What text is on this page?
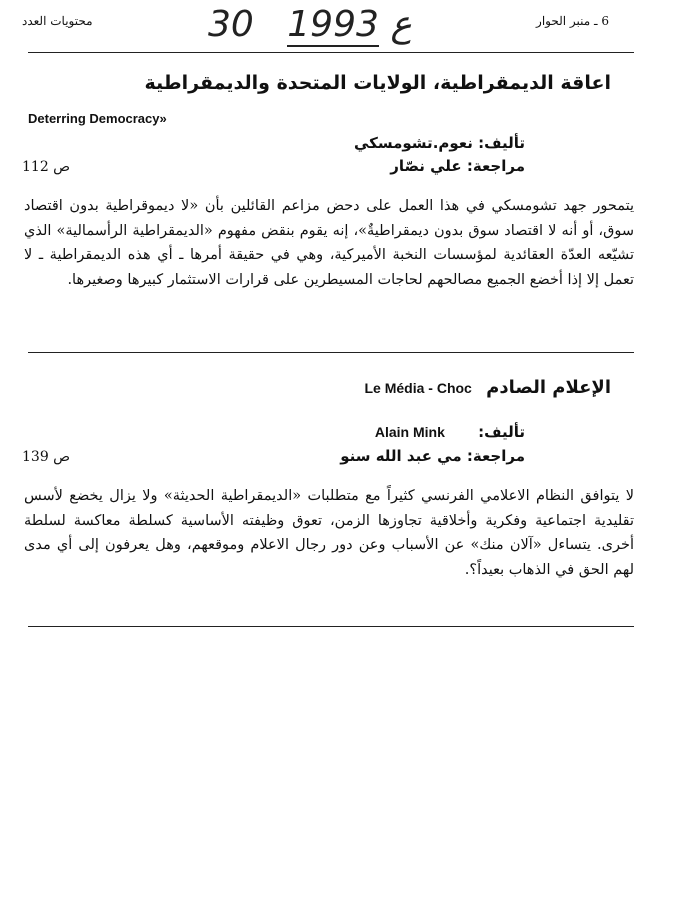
6 ـ منبر الحوار
محتويات العدد	30	ع 1993
اعاقة الديمقراطية، الولايات المتحدة والديمقراطية
Deterring Democracy»
تأليف: نعوم.تشومسكي
مراجعة: علي نصّار
ص 112

يتمحور جهد تشومسكي في هذا العمل على دحض مزاعم القائلين بأن «لا ديموقراطية بدون اقتصاد سوق، أو أنه لا اقتصاد سوق بدون ديمقراطيةٌ»، إنه يقوم بنقض مفهوم «الديمقراطية الرأسمالية» الذي تشيّعه العدّة العقائدية لمؤسسات النخبة الأميركية، وهي في حقيقة أمرها ـ أي هذه الديمقراطية ـ لا تعمل إلا إذا أخضع الجميع مصالحهم لحاجات المسيطرين على قرارات الاستثمار كبيرها وصغيرها.

الإعلام الصادم Le Média - Choc
تأليف: Alain Mink
مراجعة: مي عبد الله سنو
ص 139

لا يتوافق النظام الاعلامي الفرنسي كثيراً مع متطلبات «الديمقراطية الحديثة» ولا يزال يخضع لأسس تقليدية اجتماعية وفكرية وأخلاقية تجاوزها الزمن، تعوق وظيفته الأساسية كسلطة معاكسة لسلطة أخرى. يتساءل «آلان منك» عن الأسباب وعن دور رجال الاعلام وموقعهم، وهل يعرفون إلى أي مدى لهم الحق في الذهاب بعيداً؟.
